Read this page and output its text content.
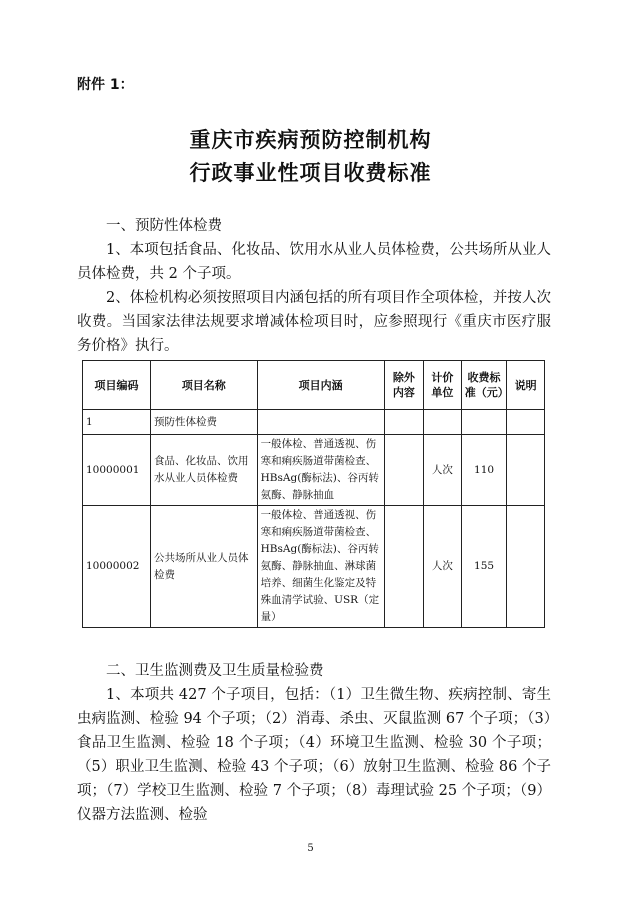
附件 1：
重庆市疾病预防控制机构
行政事业性项目收费标准

一、预防性体检费

1、本项包括食品、化妆品、饮用水从业人员体检费，公共场所从业人员体检费，共 2 个子项。

2、体检机构必须按照项目内涵包括的所有项目作全项体检，并按人次收费。当国家法律法规要求增减体检项目时，应参照现行《重庆市医疗服务价格》执行。

项目编码	项目名称	项目内涵	除外内容	计价单位	收费标准（元）	说明
1	预防性体检费					
10000001	食品、化妆品、饮用水从业人员体检费	一般体检、普通透视、伤寒和痢疾肠道带菌检查、HBsAg(酶标法)、谷丙转氨酶、静脉抽血		人次	110	
10000002	公共场所从业人员体检费	一般体检、普通透视、伤寒和痢疾肠道带菌检查、HBsAg(酶标法)、谷丙转氨酶、静脉抽血、淋球菌培养、细菌生化鉴定及特殊血清学试验、USR（定量）		人次	155	

二、卫生监测费及卫生质量检验费

1、本项共 427 个子项目，包括：（1）卫生微生物、疾病控制、寄生虫病监测、检验 94 个子项；（2）消毒、杀虫、灭鼠监测 67 个子项；（3）食品卫生监测、检验 18 个子项；（4）环境卫生监测、检验 30 个子项；（5）职业卫生监测、检验 43 个子项；（6）放射卫生监测、检验 86 个子项；（7）学校卫生监测、检验 7 个子项；（8）毒理试验 25 个子项；（9）仪器方法监测、检验

5
